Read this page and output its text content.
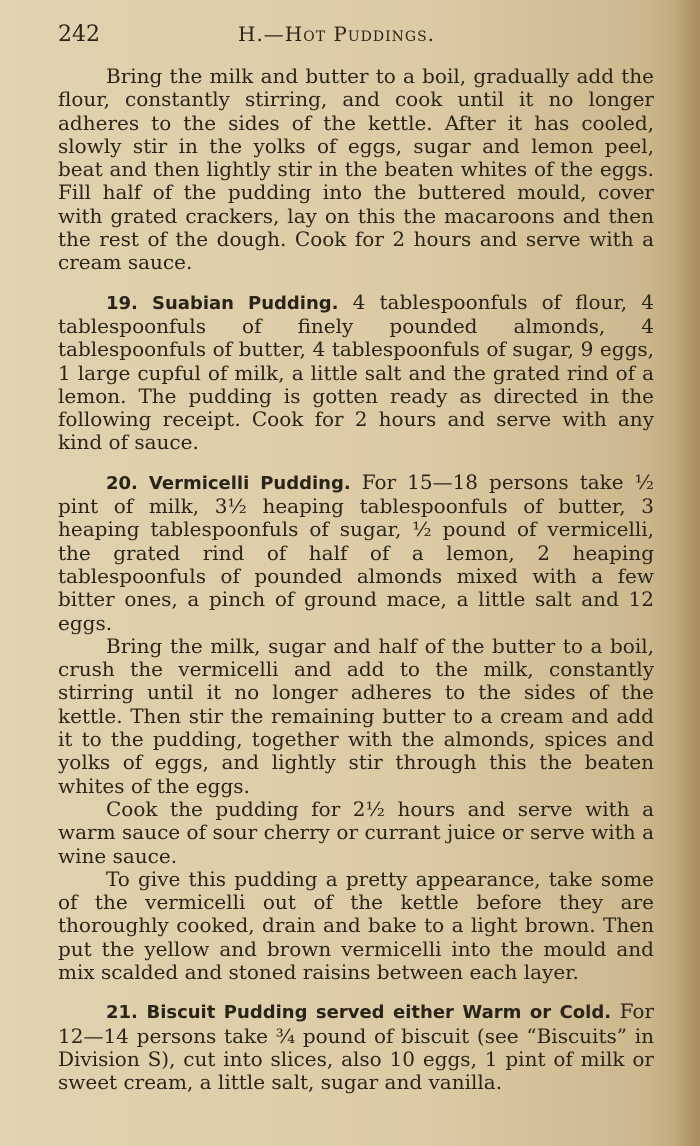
242	H.—Hot Puddings.

Bring the milk and butter to a boil, gradually add the flour, constantly stirring, and cook until it no longer adheres to the sides of the kettle. After it has cooled, slowly stir in the yolks of eggs, sugar and lemon peel, beat and then lightly stir in the beaten whites of the eggs. Fill half of the pudding into the buttered mould, cover with grated crackers, lay on this the macaroons and then the rest of the dough. Cook for 2 hours and serve with a cream sauce.

19. Suabian Pudding. 4 tablespoonfuls of flour, 4 tablespoonfuls of finely pounded almonds, 4 tablespoonfuls of butter, 4 tablespoonfuls of sugar, 9 eggs, 1 large cupful of milk, a little salt and the grated rind of a lemon. The pudding is gotten ready as directed in the following receipt. Cook for 2 hours and serve with any kind of sauce.

20. Vermicelli Pudding. For 15—18 persons take ½ pint of milk, 3½ heaping tablespoonfuls of butter, 3 heaping tablespoonfuls of sugar, ½ pound of vermicelli, the grated rind of half of a lemon, 2 heaping tablespoonfuls of pounded almonds mixed with a few bitter ones, a pinch of ground mace, a little salt and 12 eggs.

Bring the milk, sugar and half of the butter to a boil, crush the vermicelli and add to the milk, constantly stirring until it no longer adheres to the sides of the kettle. Then stir the remaining butter to a cream and add it to the pudding, together with the almonds, spices and yolks of eggs, and lightly stir through this the beaten whites of the eggs.

Cook the pudding for 2½ hours and serve with a warm sauce of sour cherry or currant juice or serve with a wine sauce.

To give this pudding a pretty appearance, take some of the vermicelli out of the kettle before they are thoroughly cooked, drain and bake to a light brown. Then put the yellow and brown vermicelli into the mould and mix scalded and stoned raisins between each layer.

21. Biscuit Pudding served either Warm or Cold. For 12—14 persons take ¾ pound of biscuit (see “Biscuits” in Division S), cut into slices, also 10 eggs, 1 pint of milk or sweet cream, a little salt, sugar and vanilla.
